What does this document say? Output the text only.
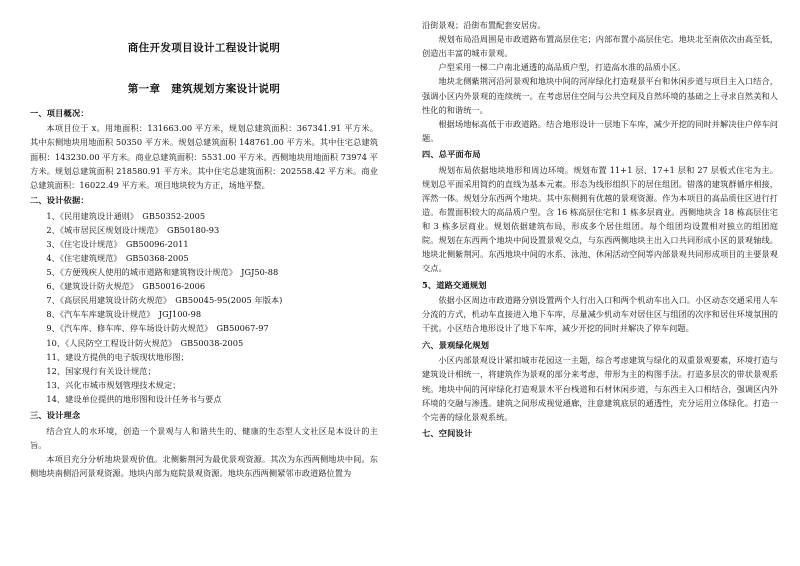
商住开发项目设计工程设计说明
第一章　建筑规划方案设计说明
一、项目概况：

本项目位于 x。用地面积：131663.00 平方米，规划总建筑面积：367341.91 平方米。其中东侧地块用地面积 50350 平方米。规划总建筑面积 148761.00 平方米。其中住宅总建筑面积：143230.00 平方米。商业总建筑面积：5531.00 平方米。西侧地块用地面积 73974 平方米。规划总建筑面积 218580.91 平方米。其中住宅总建筑面积：202558.42 平方米。商业总建筑面积：16022.49 平方米。项目地块较为方正，场地平整。

二、设计依据：
1、《民用建筑设计通则》　GB50352-2005
2、《城市居民区规划设计规范》　GB50180-93
3、《住宅设计规范》　GB50096-2011
4、《住宅建筑规范》　GB50368-2005
5、《方便残疾人使用的城市道路和建筑物设计规范》　JGJ50-88
6、《建筑设计防火规范》　GB50016-2006
7、《高层民用建筑设计防火规范》　GB50045-95(2005 年版本)
8、《汽车车库建筑设计规范》　JGJ100-98
9、《汽车库、修车库、停车场设计防火规范》　GB50067-97
10、《人民防空工程设计防火规范》　GB50038-2005
11、建设方提供的电子版现状地形图；
12、国家现行有关设计规范；
13、兴化市城市规划管理技术规定；
14、建设单位提供的地形图和设计任务书与要点
三、设计理念

结合宜人的水环境，创造一个景观与人和谐共生的、健康的生态型人文社区是本设计的主旨。

本项目充分分析地块景观价值。北侧紫荆河为最优景观资源。其次为东西两侧地块中间。东侧地块南侧沿河景观资源。地块内部为庭院景观资源。地块东西两侧紧邻市政道路位置为

沿街景观；沿街布置配套安居房。

规划布局沿周围是市政道路布置高层住宅；内部布置小高层住宅。地块北至南依次由高至低，创造出丰富的城市景观。

户型采用一梯二户南北通透的高品质户型，打造高水准的品质小区。

地块北侧紫荆河沿河景观和地块中间的河岸绿化打造观景平台和休闲步道与项目主入口结合，强调小区内外景观的连续统一。在考虑居住空间与公共空间及自然环境的基础之上寻求自然美和人性化的和谐统一。

根据场地标高低于市政道路。结合地形设计一层地下车库，减少开挖的同时并解决住户停车问题。

四、总平面布局

规划布局依据地块地形和周边环境。规划布置 11+1 层、17+1 层和 27 层板式住宅为主。规划总平面采用简约的直线为基本元素。形态为线形组织下的居住组团。错落的建筑群循序相接，浑然一体。规划分东西两个地块。其中东侧拥有优越的景观资源。作为本项目的高品质住区进行打造。布置面积较大的高品质户型。含 16 栋高层住宅和 1 栋多层商业。西侧地块含 18 栋高层住宅和 3 栋多层商业。规划依据建筑布局，形成多个居住组团。每个组团均设置相对独立的组团庭院。规划在东西两个地块中间设置景观交点，与东西两侧地块主出入口共同形成小区的景观轴线。地块北侧紫荆河。东西地块中间的水系、泳池、休闲活动空间等内部景观共同形成项目的主要景观交点。

5、道路交通规划

依据小区周边市政道路分别设置两个人行出入口和两个机动车出入口。小区动态交通采用人车分流的方式，机动车直接进入地下车库，尽量减少机动车对居住区与组团的次序和居住环境氛围的干扰。小区结合地形设计了地下车库，减少开挖的同时并解决了停车问题。

六、景观绿化规划

小区内部景观设计紧扣城市花园这一主题，综合考虑建筑与绿化的双重景观要素，环境打造与建筑设计相统一，将建筑作为景观的部分来考虑，带形为主的构图手法。打造多层次的带状景观系统。地块中间的河岸绿化打造观景木平台栈道和石材休闲步道，与东西主入口相结合，强调区内外环境的交融与渗透。建筑之间形成视觉通廊，注意建筑底层的通透性，充分运用立体绿化。打造一个完善的绿化景观系统。

七、空间设计
